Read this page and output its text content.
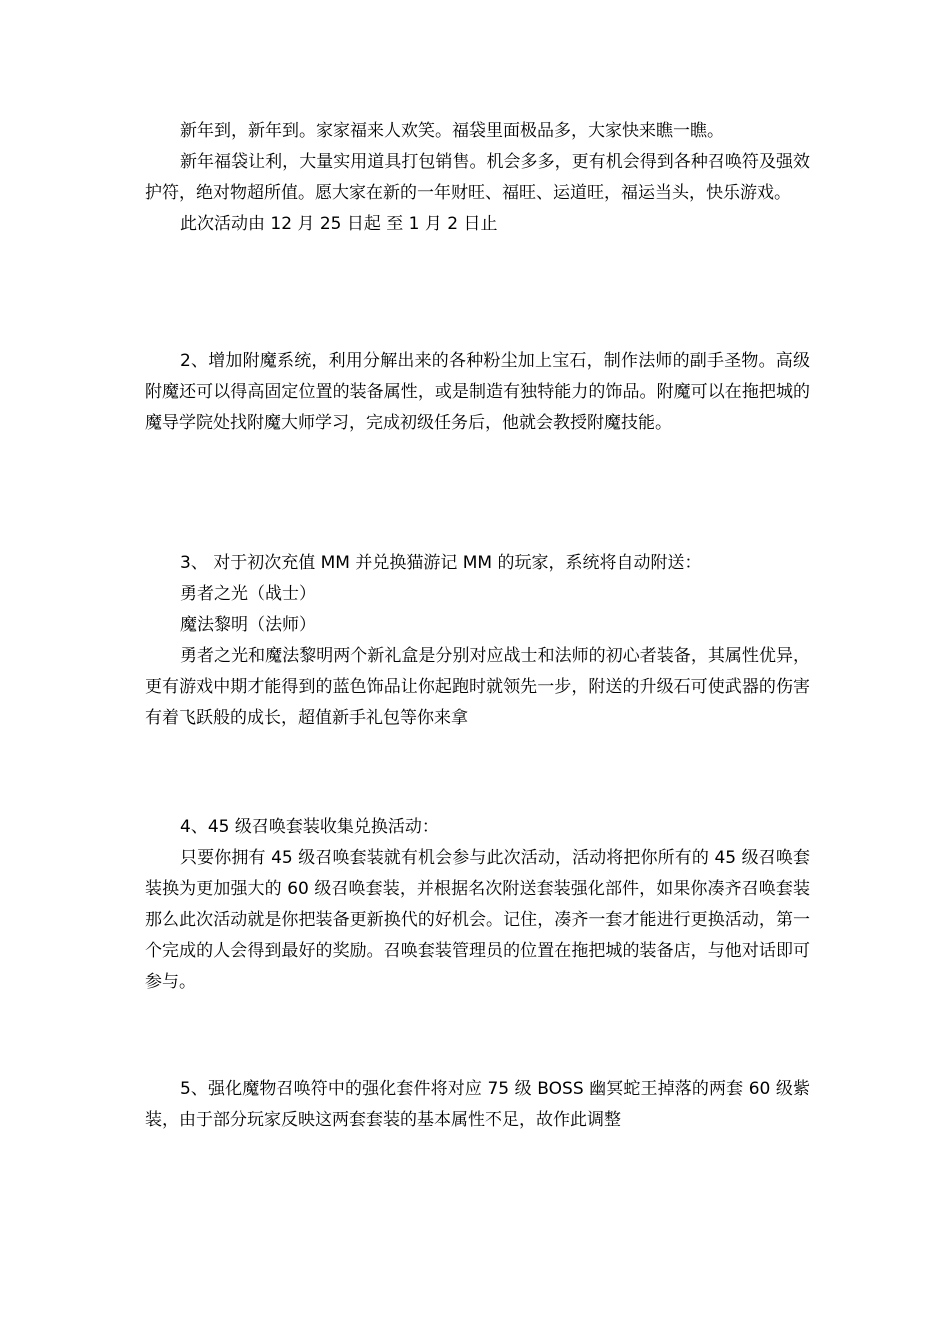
新年到，新年到。家家福来人欢笑。福袋里面极品多，大家快来瞧一瞧。

新年福袋让利，大量实用道具打包销售。机会多多，更有机会得到各种召唤符及强效护符，绝对物超所值。愿大家在新的一年财旺、福旺、运道旺，福运当头，快乐游戏。

此次活动由 12 月 25 日起 至 1 月 2 日止

2、增加附魔系统，利用分解出来的各种粉尘加上宝石，制作法师的副手圣物。高级附魔还可以得高固定位置的装备属性，或是制造有独特能力的饰品。附魔可以在拖把城的魔导学院处找附魔大师学习，完成初级任务后，他就会教授附魔技能。

3、 对于初次充值 MM 并兑换猫游记 MM 的玩家，系统将自动附送：

勇者之光（战士）

魔法黎明（法师）

勇者之光和魔法黎明两个新礼盒是分别对应战士和法师的初心者装备，其属性优异，更有游戏中期才能得到的蓝色饰品让你起跑时就领先一步，附送的升级石可使武器的伤害有着飞跃般的成长，超值新手礼包等你来拿

4、45 级召唤套装收集兑换活动：

只要你拥有 45 级召唤套装就有机会参与此次活动，活动将把你所有的 45 级召唤套装换为更加强大的 60 级召唤套装，并根据名次附送套装强化部件，如果你凑齐召唤套装那么此次活动就是你把装备更新换代的好机会。记住，凑齐一套才能进行更换活动，第一个完成的人会得到最好的奖励。召唤套装管理员的位置在拖把城的装备店，与他对话即可参与。

5、强化魔物召唤符中的强化套件将对应 75 级 BOSS 幽冥蛇王掉落的两套 60 级紫装，由于部分玩家反映这两套套装的基本属性不足，故作此调整
